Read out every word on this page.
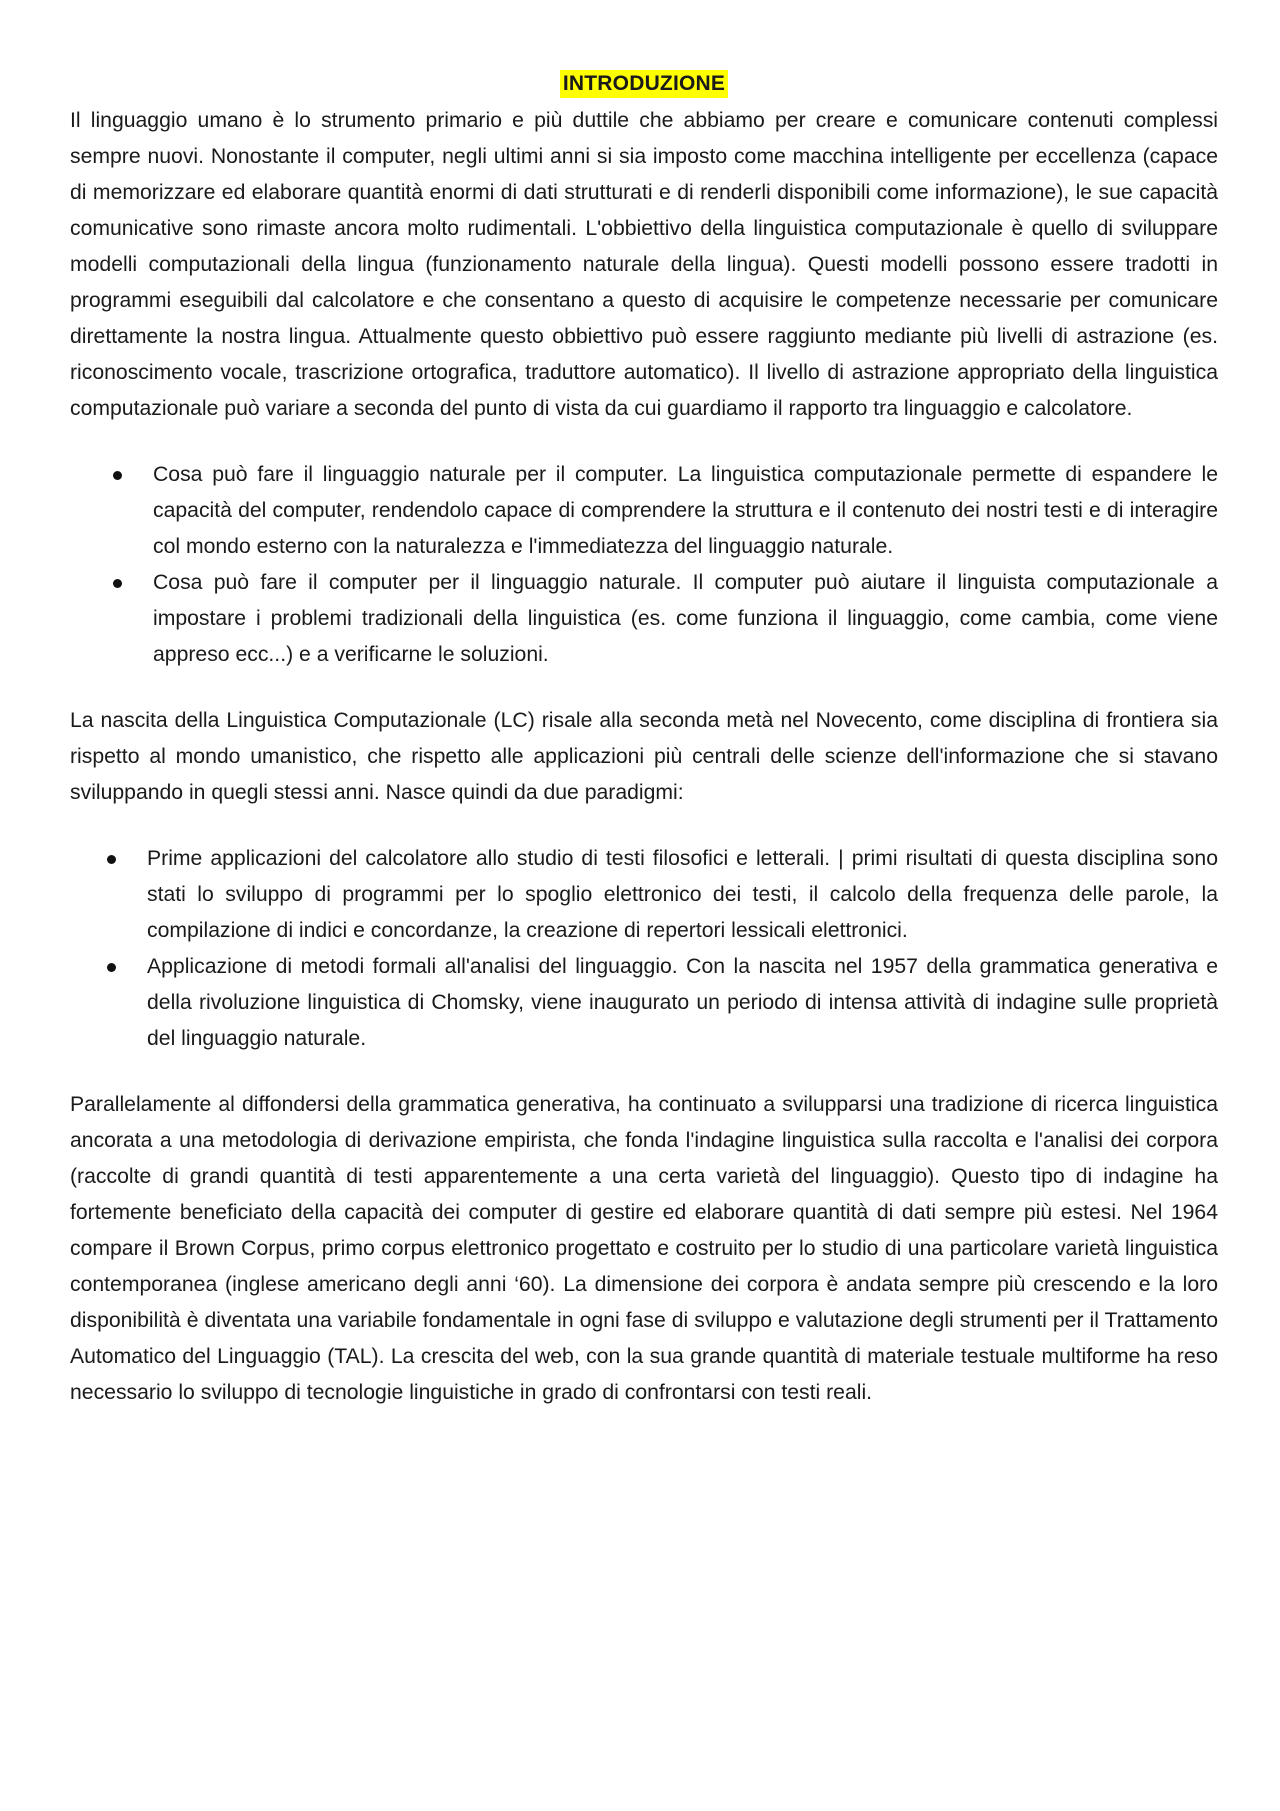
INTRODUZIONE

Il linguaggio umano è lo strumento primario e più duttile che abbiamo per creare e comunicare contenuti complessi sempre nuovi. Nonostante il computer, negli ultimi anni si sia imposto come macchina intelligente per eccellenza (capace di memorizzare ed elaborare quantità enormi di dati strutturati e di renderli disponibili come informazione), le sue capacità comunicative sono rimaste ancora molto rudimentali. L'obbiettivo della linguistica computazionale è quello di sviluppare modelli computazionali della lingua (funzionamento naturale della lingua). Questi modelli possono essere tradotti in programmi eseguibili dal calcolatore e che consentano a questo di acquisire le competenze necessarie per comunicare direttamente la nostra lingua. Attualmente questo obbiettivo può essere raggiunto mediante più livelli di astrazione (es. riconoscimento vocale, trascrizione ortografica, traduttore automatico). Il livello di astrazione appropriato della linguistica computazionale può variare a seconda del punto di vista da cui guardiamo il rapporto tra linguaggio e calcolatore.

Cosa può fare il linguaggio naturale per il computer. La linguistica computazionale permette di espandere le capacità del computer, rendendolo capace di comprendere la struttura e il contenuto dei nostri testi e di interagire col mondo esterno con la naturalezza e l'immediatezza del linguaggio naturale.
Cosa può fare il computer per il linguaggio naturale. Il computer può aiutare il linguista computazionale a impostare i problemi tradizionali della linguistica (es. come funziona il linguaggio, come cambia, come viene appreso ecc...) e a verificarne le soluzioni.

La nascita della Linguistica Computazionale (LC) risale alla seconda metà nel Novecento, come disciplina di frontiera sia rispetto al mondo umanistico, che rispetto alle applicazioni più centrali delle scienze dell'informazione che si stavano sviluppando in quegli stessi anni. Nasce quindi da due paradigmi:

Prime applicazioni del calcolatore allo studio di testi filosofici e letterali. | primi risultati di questa disciplina sono stati lo sviluppo di programmi per lo spoglio elettronico dei testi, il calcolo della frequenza delle parole, la compilazione di indici e concordanze, la creazione di repertori lessicali elettronici.
Applicazione di metodi formali all'analisi del linguaggio. Con la nascita nel 1957 della grammatica generativa e della rivoluzione linguistica di Chomsky, viene inaugurato un periodo di intensa attività di indagine sulle proprietà del linguaggio naturale.

Parallelamente al diffondersi della grammatica generativa, ha continuato a svilupparsi una tradizione di ricerca linguistica ancorata a una metodologia di derivazione empirista, che fonda l'indagine linguistica sulla raccolta e l'analisi dei corpora (raccolte di grandi quantità di testi apparentemente a una certa varietà del linguaggio). Questo tipo di indagine ha fortemente beneficiato della capacità dei computer di gestire ed elaborare quantità di dati sempre più estesi. Nel 1964 compare il Brown Corpus, primo corpus elettronico progettato e costruito per lo studio di una particolare varietà linguistica contemporanea (inglese americano degli anni ‘60). La dimensione dei corpora è andata sempre più crescendo e la loro disponibilità è diventata una variabile fondamentale in ogni fase di sviluppo e valutazione degli strumenti per il Trattamento Automatico del Linguaggio (TAL). La crescita del web, con la sua grande quantità di materiale testuale multiforme ha reso necessario lo sviluppo di tecnologie linguistiche in grado di confrontarsi con testi reali.
